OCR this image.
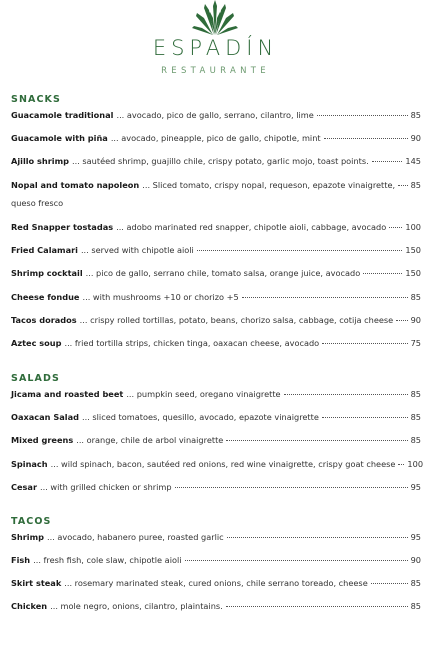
ESPADÍN
RESTAURANTE
SNACKS
Guacamole traditional ... avocado, pico de gallo, serrano, cilantro, lime	85
Guacamole with piña ... avocado, pineapple, pico de gallo, chipotle, mint	90
Ajillo shrimp ... sautéed shrimp, guajillo chile, crispy potato, garlic mojo, toast points.	145
Nopal and tomato napoleon ... Sliced tomato, crispy nopal, requeson, epazote vinaigrette, 85
queso fresco
Red Snapper tostadas ... adobo marinated red snapper, chipotle aioli, cabbage, avocado 100
Fried Calamari ... served with chipotle aioli	150
Shrimp cocktail ... pico de gallo, serrano chile, tomato salsa, orange juice, avocado	150
Cheese fondue ... with mushrooms +10 or chorizo +5	85
Tacos dorados ... crispy rolled tortillas, potato, beans, chorizo salsa, cabbage, cotija cheese 90
Aztec soup ... fried tortilla strips, chicken tinga, oaxacan cheese, avocado	75
SALADS
Jicama and roasted beet ... pumpkin seed, oregano vinaigrette	85
Oaxacan Salad ... sliced tomatoes, quesillo, avocado, epazote vinaigrette	85
Mixed greens ... orange, chile de arbol vinaigrette	85
Spinach ... wild spinach, bacon, sautéed red onions, red wine vinaigrette, crispy goat cheese 100
Cesar ... with grilled chicken or shrimp	95
TACOS
Shrimp ... avocado, habanero puree, roasted garlic	95
Fish ... fresh fish, cole slaw, chipotle aioli	90
Skirt steak ... rosemary marinated steak, cured onions, chile serrano toreado, cheese	85
Chicken ... mole negro, onions, cilantro, plaintains.	85
